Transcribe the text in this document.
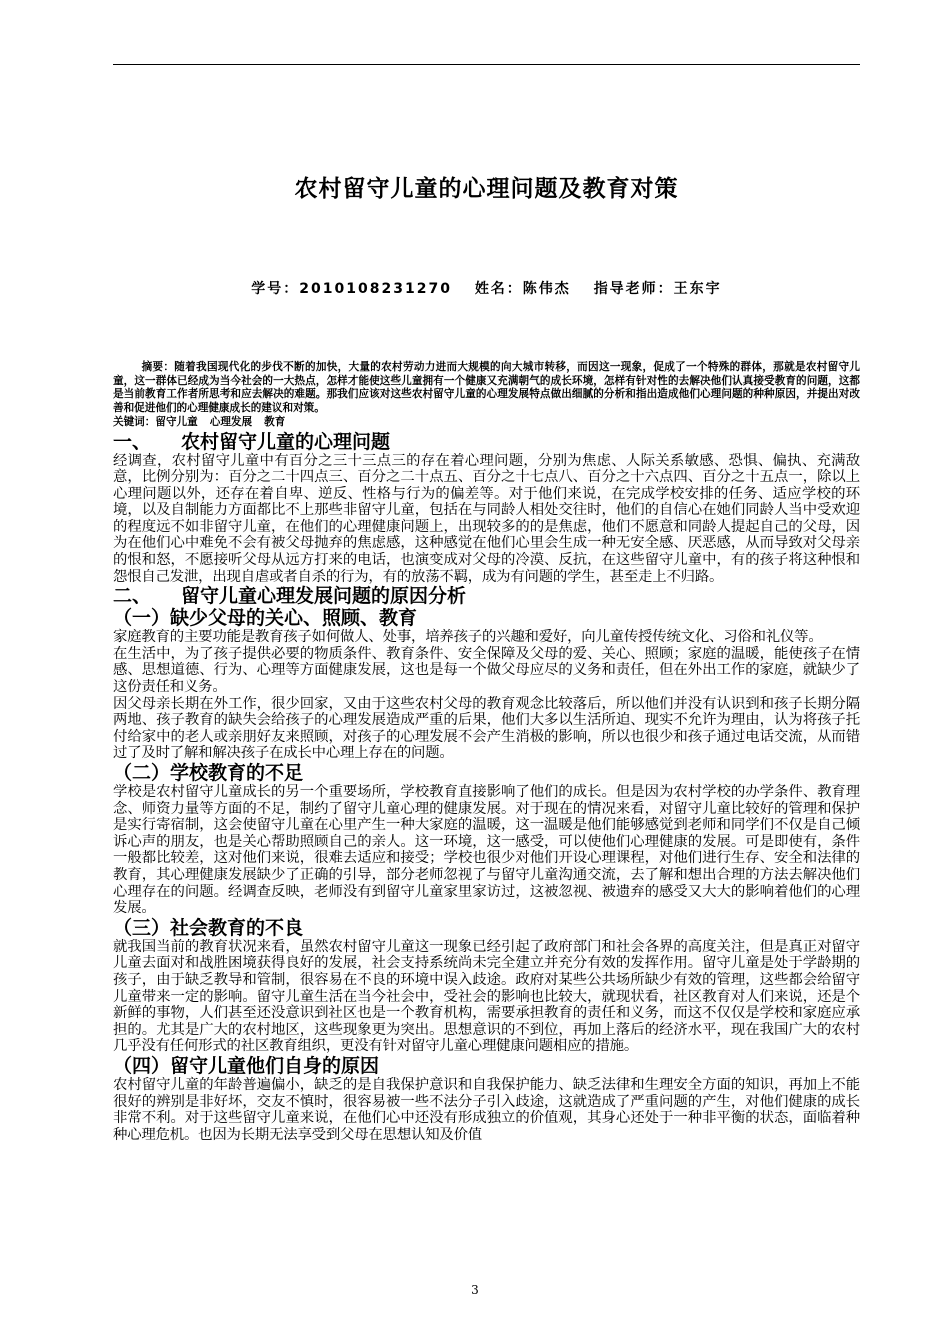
农村留守儿童的心理问题及教育对策
学号：2010108231270 姓名：陈伟杰 指导老师：王东宇

摘要：随着我国现代化的步伐不断的加快，大量的农村劳动力进而大规模的向大城市转移，而因这一现象，促成了一个特殊的群体，那就是农村留守儿童，这一群体已经成为当今社会的一大热点，怎样才能使这些儿童拥有一个健康又充满朝气的成长环境，怎样有针对性的去解决他们认真接受教育的问题，这都是当前教育工作者所思考和应去解决的难题。那我们应该对这些农村留守儿童的心理发展特点做出细腻的分析和指出造成他们心理问题的种种原因，并提出对改善和促进他们的心理健康成长的建议和对策。

关键词：留守儿童 心理发展 教育

一、 农村留守儿童的心理问题

经调查，农村留守儿童中有百分之三十三点三的存在着心理问题，分别为焦虑、人际关系敏感、恐惧、偏执、充满敌意，比例分别为：百分之二十四点三、百分之二十点五、百分之十七点八、百分之十六点四、百分之十五点一，除以上心理问题以外，还存在着自卑、逆反、性格与行为的偏差等。对于他们来说，在完成学校安排的任务、适应学校的环境，以及自制能力方面都比不上那些非留守儿童，包括在与同龄人相处交往时，他们的自信心在她们同龄人当中受欢迎的程度远不如非留守儿童，在他们的心理健康问题上，出现较多的的是焦虑，他们不愿意和同龄人提起自己的父母，因为在他们心中难免不会有被父母抛弃的焦虑感，这种感觉在他们心里会生成一种无安全感、厌恶感，从而导致对父母亲的恨和怒，不愿接听父母从远方打来的电话，也演变成对父母的冷漠、反抗，在这些留守儿童中，有的孩子将这种恨和怨恨自己发泄，出现自虐或者自杀的行为，有的放荡不羁，成为有问题的学生，甚至走上不归路。

二、 留守儿童心理发展问题的原因分析
（一）缺少父母的关心、照顾、教育

家庭教育的主要功能是教育孩子如何做人、处事，培养孩子的兴趣和爱好，向儿童传授传统文化、习俗和礼仪等。

在生活中，为了孩子提供必要的物质条件、教育条件、安全保障及父母的爱、关心、照顾；家庭的温暖，能使孩子在情感、思想道德、行为、心理等方面健康发展，这也是每一个做父母应尽的义务和责任，但在外出工作的家庭，就缺少了这份责任和义务。

因父母亲长期在外工作，很少回家，又由于这些农村父母的教育观念比较落后，所以他们并没有认识到和孩子长期分隔两地、孩子教育的缺失会给孩子的心理发展造成严重的后果，他们大多以生活所迫、现实不允许为理由，认为将孩子托付给家中的老人或亲朋好友来照顾，对孩子的心理发展不会产生消极的影响，所以也很少和孩子通过电话交流，从而错过了及时了解和解决孩子在成长中心理上存在的问题。

（二）学校教育的不足

学校是农村留守儿童成长的另一个重要场所，学校教育直接影响了他们的成长。但是因为农村学校的办学条件、教育理念、师资力量等方面的不足，制约了留守儿童心理的健康发展。对于现在的情况来看，对留守儿童比较好的管理和保护是实行寄宿制，这会使留守儿童在心里产生一种大家庭的温暖，这一温暖是他们能够感觉到老师和同学们不仅是自己倾诉心声的朋友，也是关心帮助照顾自己的亲人。这一环境，这一感受，可以使他们心理健康的发展。可是即使有，条件一般都比较差，这对他们来说，很难去适应和接受；学校也很少对他们开设心理课程，对他们进行生存、安全和法律的教育，其心理健康发展缺少了正确的引导，部分老师忽视了与留守儿童沟通交流，去了解和想出合理的方法去解决他们心理存在的问题。经调查反映，老师没有到留守儿童家里家访过，这被忽视、被遗弃的感受又大大的影响着他们的心理发展。

（三）社会教育的不良

就我国当前的教育状况来看，虽然农村留守儿童这一现象已经引起了政府部门和社会各界的高度关注，但是真正对留守儿童去面对和战胜困境获得良好的发展，社会支持系统尚未完全建立并充分有效的发挥作用。留守儿童是处于学龄期的孩子，由于缺乏教导和管制，很容易在不良的环境中误入歧途。政府对某些公共场所缺少有效的管理，这些都会给留守儿童带来一定的影响。留守儿童生活在当今社会中，受社会的影响也比较大，就现状看，社区教育对人们来说，还是个新鲜的事物，人们甚至还没意识到社区也是一个教育机构，需要承担教育的责任和义务，而这不仅仅是学校和家庭应承担的。尤其是广大的农村地区，这些现象更为突出。思想意识的不到位，再加上落后的经济水平，现在我国广大的农村几乎没有任何形式的社区教育组织，更没有针对留守儿童心理健康问题相应的措施。

（四）留守儿童他们自身的原因

农村留守儿童的年龄普遍偏小，缺乏的是自我保护意识和自我保护能力、缺乏法律和生理安全方面的知识，再加上不能很好的辨别是非好坏，交友不慎时，很容易被一些不法分子引入歧途，这就造成了严重问题的产生，对他们健康的成长非常不利。对于这些留守儿童来说，在他们心中还没有形成独立的价值观，其身心还处于一种非平衡的状态，面临着种种心理危机。也因为长期无法享受到父母在思想认知及价值

3
